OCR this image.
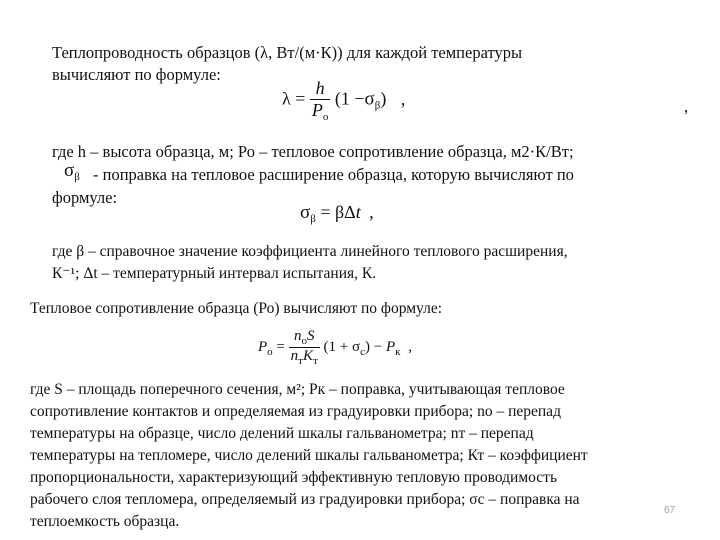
Теплопроводность образцов (λ, Вт/(м·К)) для каждой температуры
вычисляют по формуле:
,
$\lambda = \frac{h}{P_o} (1 -\sigma_\beta)$ ,
где h – высота образца, м; Ро – тепловое сопротивление образца, м2·К/Вт;
$\sigma_\beta$ - поправка на тепловое расширение образца, которую вычисляют по
формуле:
$\sigma_\beta = \beta\Delta t$ ,
где β – справочное значение коэффициента линейного теплового расширения,
К⁻¹; Δt – температурный интервал испытания, К.
Тепловое сопротивление образца (Ро) вычисляют по формуле:
$P_o = \frac{n_oS}{n_тK_т} (1 + \sigma_c) - P_к$ ,
где S – площадь поперечного сечения, м²; Рк – поправка, учитывающая тепловое
сопротивление контактов и определяемая из градуировки прибора; nо – перепад
температуры на образце, число делений шкалы гальванометра; nт – перепад
температуры на тепломере, число делений шкалы гальванометра; Кт – коэффициент
пропорциональности, характеризующий эффективную тепловую проводимость
рабочего слоя тепломера, определяемый из градуировки прибора; σс – поправка на
теплоемкость образца.
67
